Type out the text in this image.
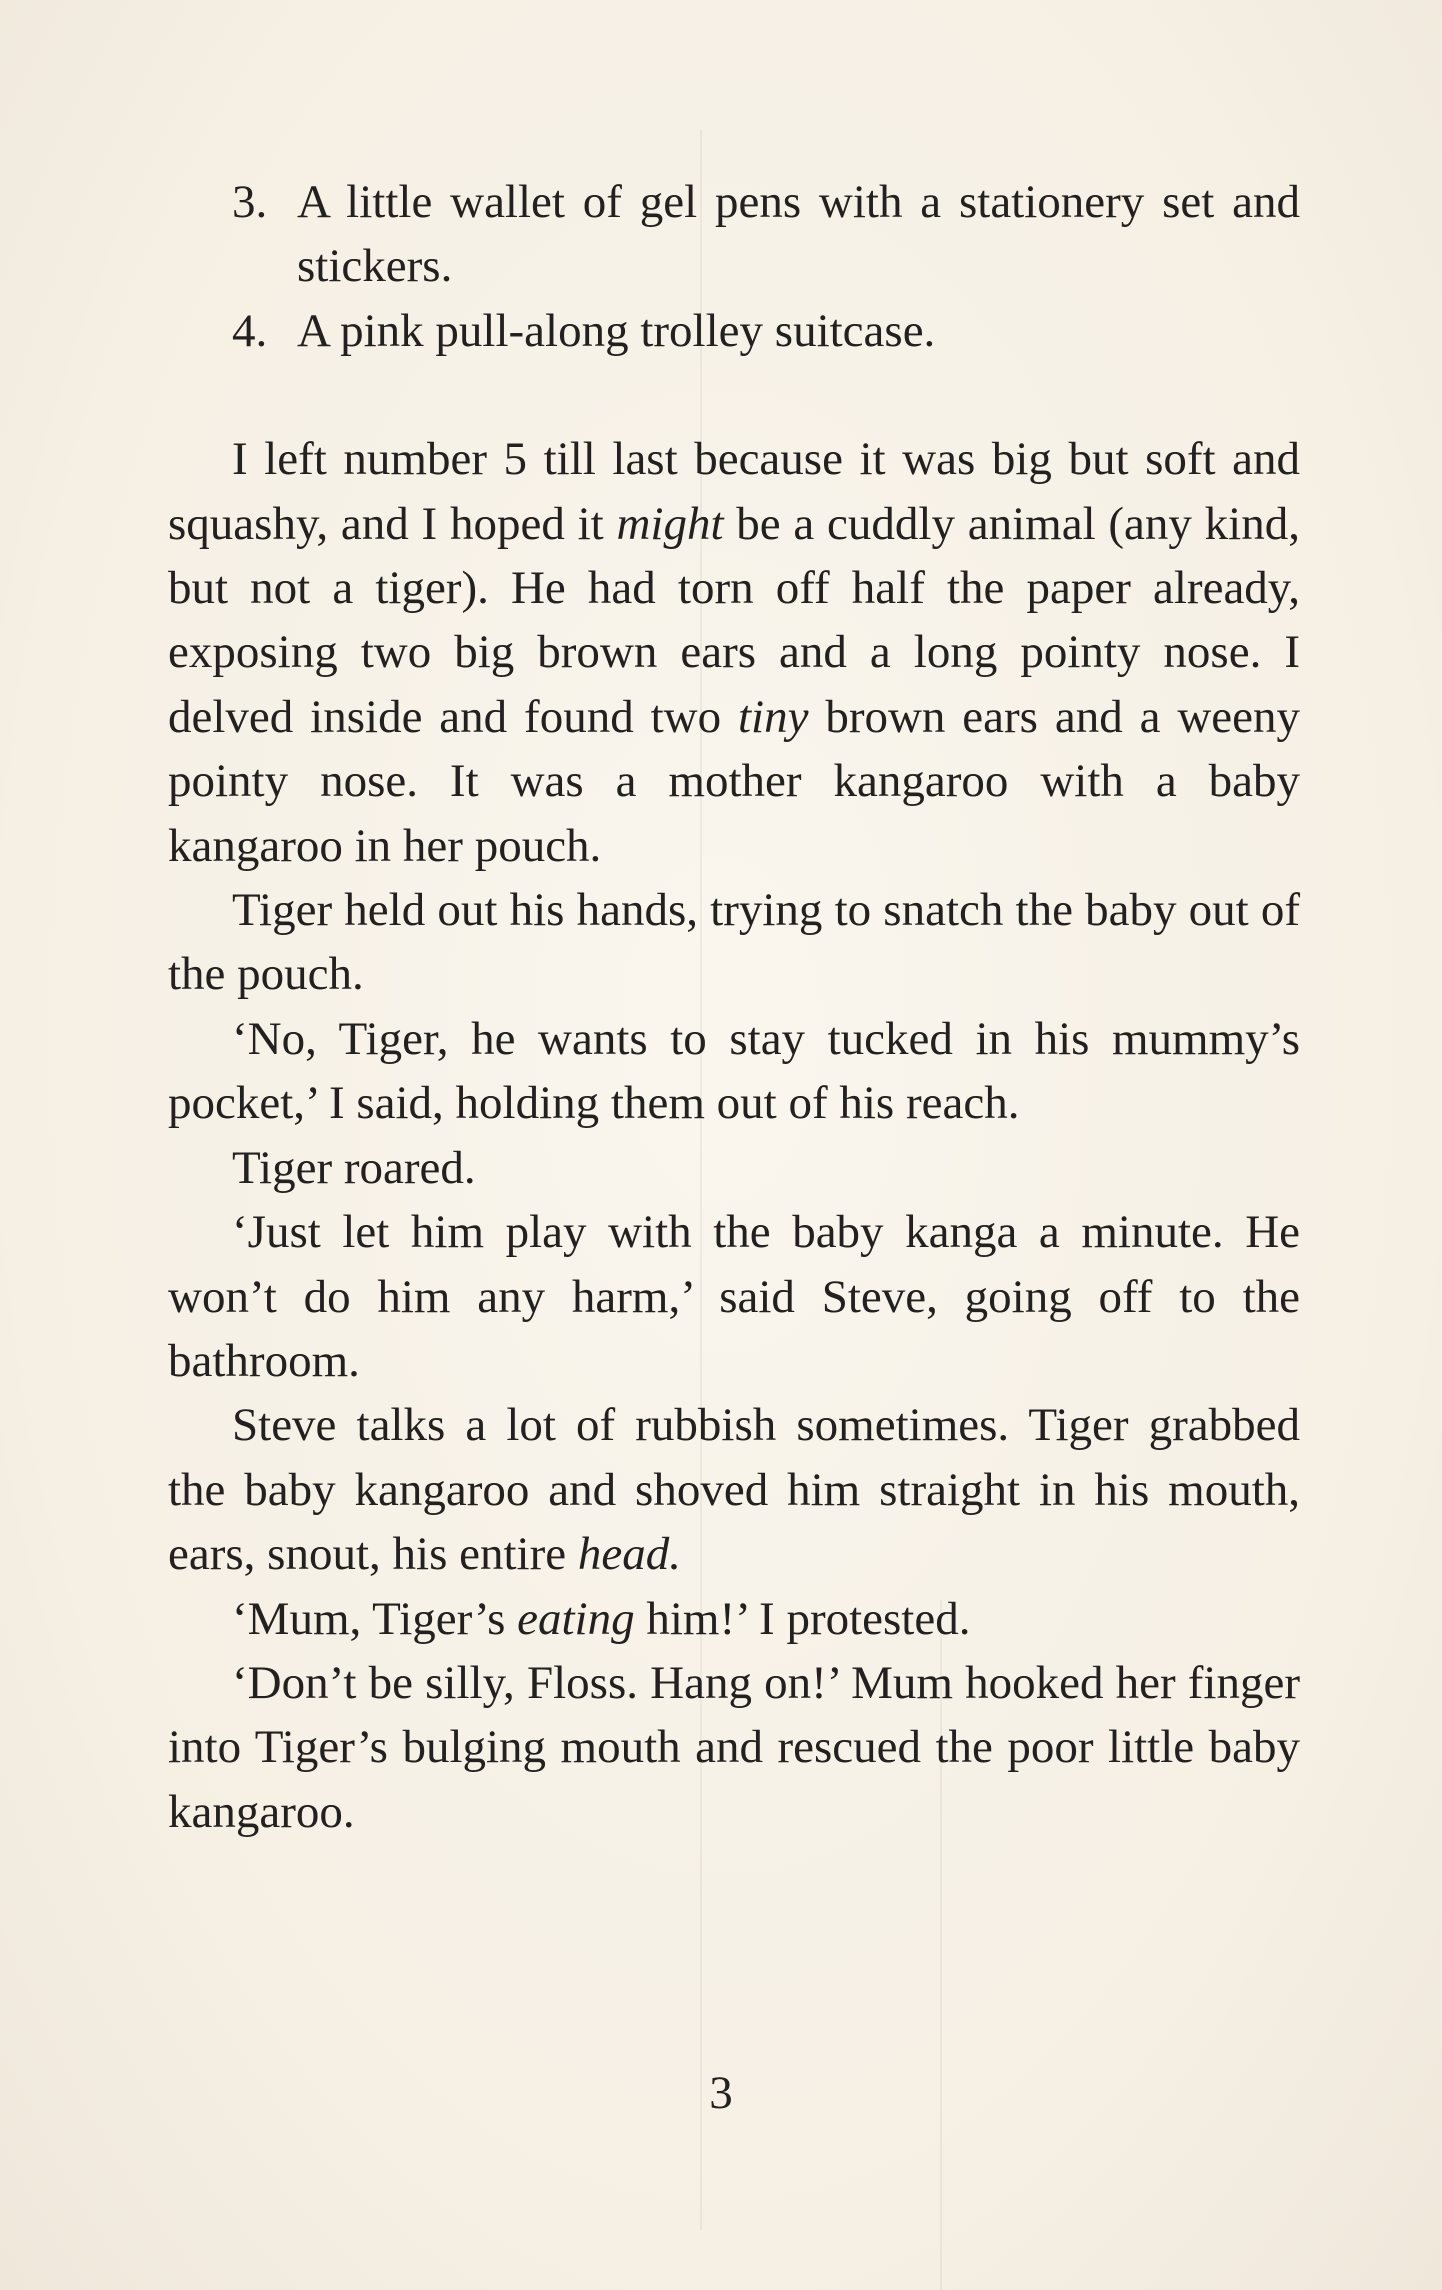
3. A little wallet of gel pens with a stationery set and stickers.
4. A pink pull-along trolley suitcase.

I left number 5 till last because it was big but soft and squashy, and I hoped it might be a cuddly animal (any kind, but not a tiger). He had torn off half the paper already, exposing two big brown ears and a long pointy nose. I delved inside and found two tiny brown ears and a weeny pointy nose. It was a mother kangaroo with a baby kangaroo in her pouch.

Tiger held out his hands, trying to snatch the baby out of the pouch.

‘No, Tiger, he wants to stay tucked in his mummy’s pocket,’ I said, holding them out of his reach.

Tiger roared.

‘Just let him play with the baby kanga a minute. He won’t do him any harm,’ said Steve, going off to the bathroom.

Steve talks a lot of rubbish sometimes. Tiger grabbed the baby kangaroo and shoved him straight in his mouth, ears, snout, his entire head.

‘Mum, Tiger’s eating him!’ I protested.

‘Don’t be silly, Floss. Hang on!’ Mum hooked her finger into Tiger’s bulging mouth and rescued the poor little baby kangaroo.

3
